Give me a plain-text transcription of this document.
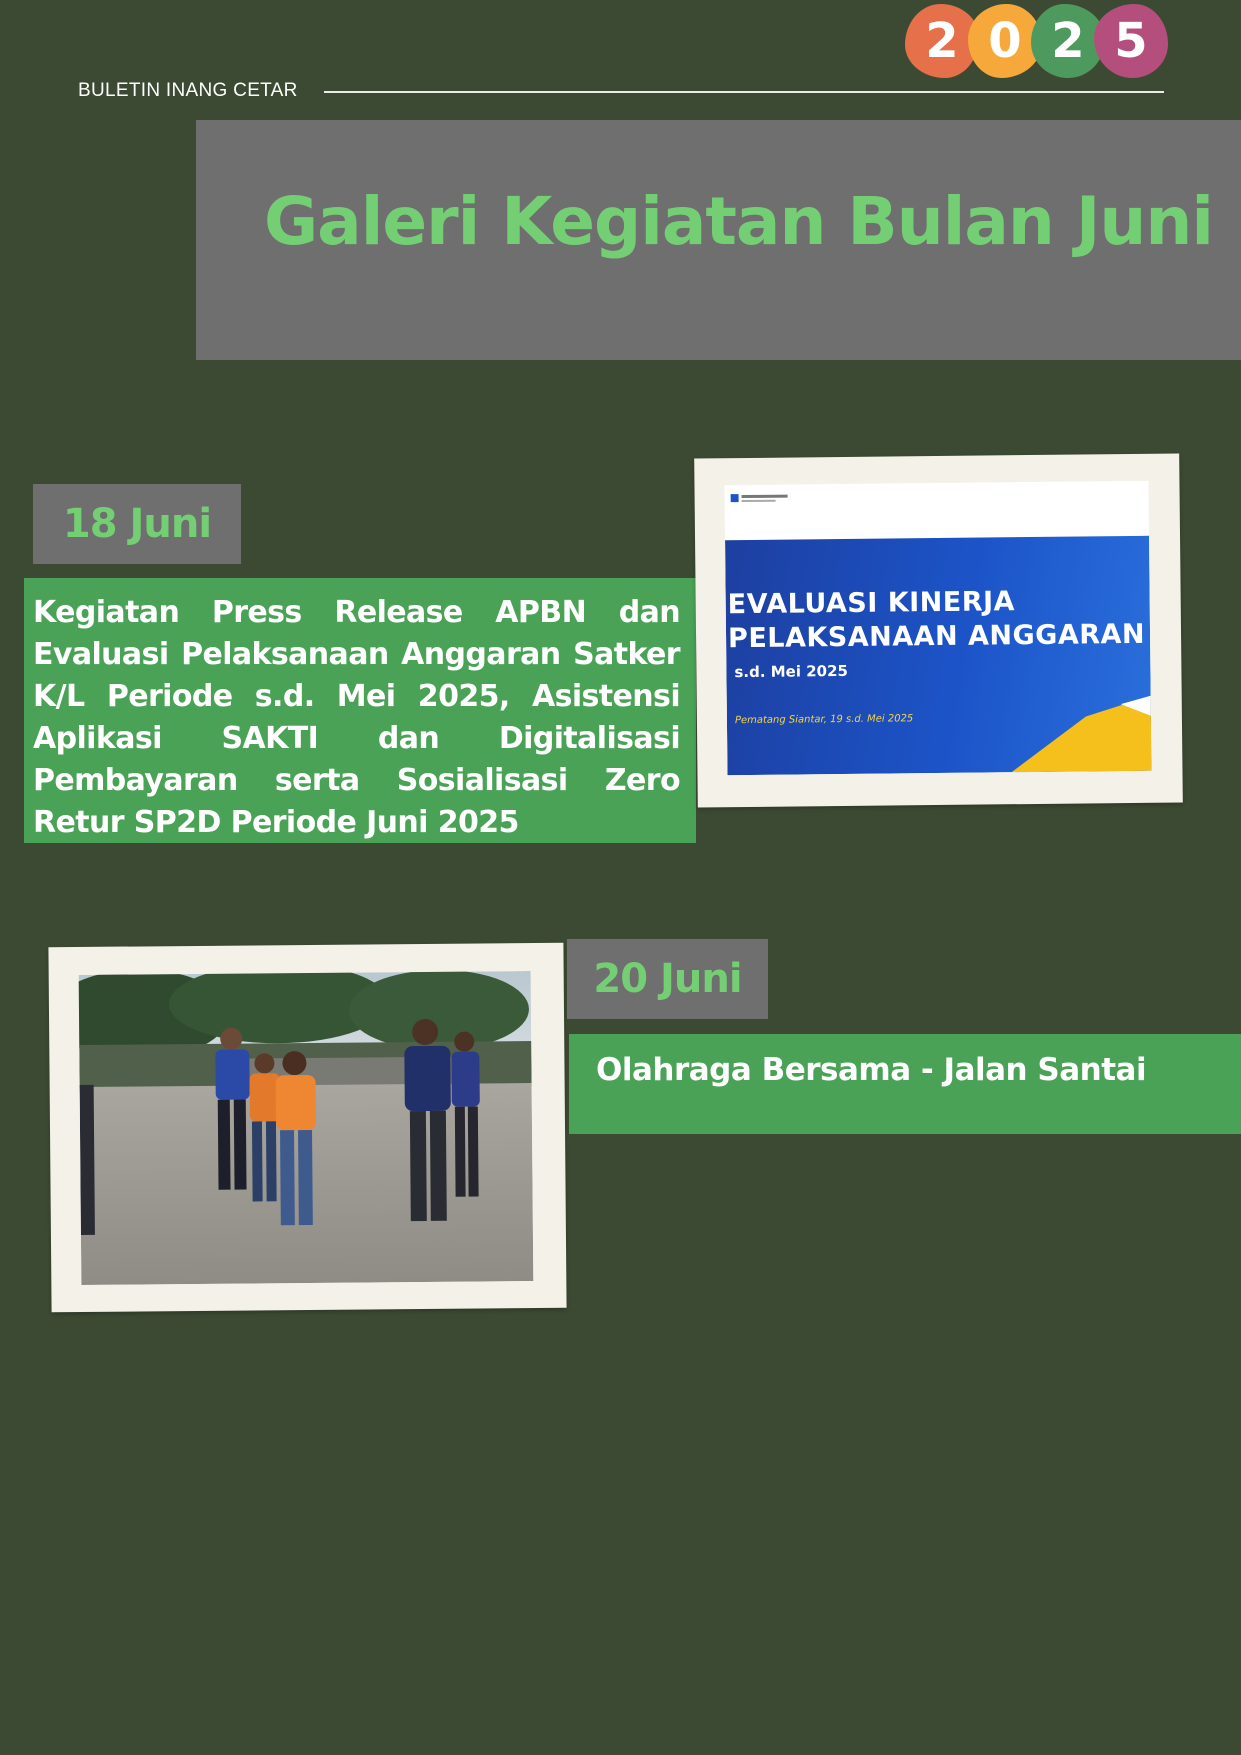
BULETIN INANG CETAR
2 0 2 5
Galeri Kegiatan Bulan Juni
18 Juni

Kegiatan Press Release APBN dan Evaluasi Pelaksanaan Anggaran Satker K/L Periode s.d. Mei 2025, Asistensi Aplikasi SAKTI dan Digitalisasi Pembayaran serta Sosialisasi Zero Retur SP2D Periode Juni 2025

EVALUASI KINERJA
PELAKSANAAN ANGGARAN
s.d. Mei 2025
Pematang Siantar, 19 s.d. Mei 2025
20 Juni
Olahraga Bersama - Jalan Santai
